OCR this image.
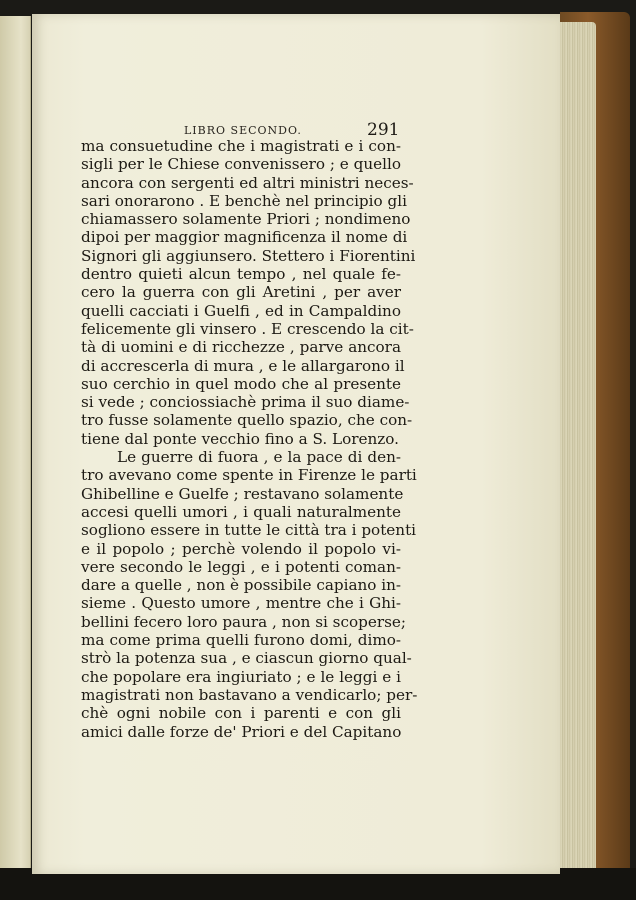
LIBRO SECONDO.	291
ma consuetudine che i magistrati e i con-
sigli per le Chiese convenissero ; e quello
ancora con sergenti ed altri ministri neces-
sari onorarono . E benchè nel principio gli
chiamassero solamente Priori ; nondimeno
dipoi per maggior magnificenza il nome di
Signori gli aggiunsero. Stettero i Fiorentini
dentro quieti alcun tempo , nel quale fe-
cero la guerra con gli Aretini , per aver
quelli cacciati i Guelfi , ed in Campaldino
felicemente gli vinsero . E crescendo la cit-
tà di uomini e di ricchezze , parve ancora
di accrescerla di mura , e le allargarono il
suo cerchio in quel modo che al presente
si vede ; conciossiachè prima il suo diame-
tro fusse solamente quello spazio, che con-
tiene dal ponte vecchio fino a S. Lorenzo.
Le guerre di fuora , e la pace di den-
tro avevano come spente in Firenze le parti
Ghibelline e Guelfe ; restavano solamente
accesi quelli umori , i quali naturalmente
sogliono essere in tutte le città tra i potenti
e il popolo ; perchè volendo il popolo vi-
vere secondo le leggi , e i potenti coman-
dare a quelle , non è possibile capiano in-
sieme . Questo umore , mentre che i Ghi-
bellini fecero loro paura , non si scoperse;
ma come prima quelli furono domi, dimo-
strò la potenza sua , e ciascun giorno qual-
che popolare era ingiuriato ; e le leggi e i
magistrati non bastavano a vendicarlo; per-
chè ogni nobile con i parenti e con gli
amici dalle forze de' Priori e del Capitano
